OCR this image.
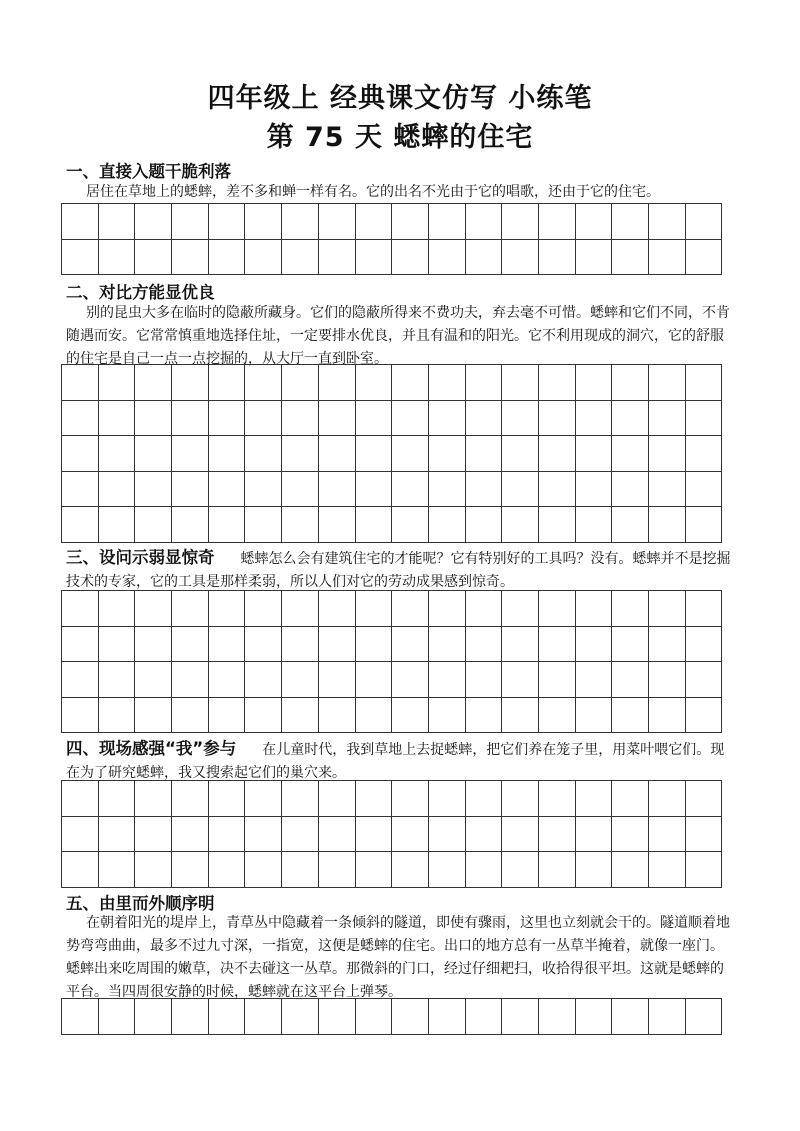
四年级上 经典课文仿写 小练笔
第 75 天 蟋蟀的住宅
一、直接入题干脆利落

居住在草地上的蟋蟀，差不多和蝉一样有名。它的出名不光由于它的唱歌，还由于它的住宅。

二、对比方能显优良

别的昆虫大多在临时的隐蔽所藏身。它们的隐蔽所得来不费功夫，弃去毫不可惜。蟋蟀和它们不同，不肯随遇而安。它常常慎重地选择住址，一定要排水优良，并且有温和的阳光。它不利用现成的洞穴，它的舒服的住宅是自己一点一点挖掘的，从大厅一直到卧室。

三、设问示弱显惊奇 蟋蟀怎么会有建筑住宅的才能呢？它有特别好的工具吗？没有。蟋蟀并不是挖掘技术的专家，它的工具是那样柔弱，所以人们对它的劳动成果感到惊奇。

四、现场感强“我”参与 在儿童时代，我到草地上去捉蟋蟀，把它们养在笼子里，用菜叶喂它们。现在为了研究蟋蟀，我又搜索起它们的巢穴来。

五、由里而外顺序明

在朝着阳光的堤岸上，青草丛中隐藏着一条倾斜的隧道，即使有骤雨，这里也立刻就会干的。隧道顺着地势弯弯曲曲，最多不过九寸深，一指宽，这便是蟋蟀的住宅。出口的地方总有一丛草半掩着，就像一座门。蟋蟀出来吃周围的嫩草，决不去碰这一丛草。那微斜的门口，经过仔细耙扫，收拾得很平坦。这就是蟋蟀的平台。当四周很安静的时候，蟋蟀就在这平台上弹琴。
